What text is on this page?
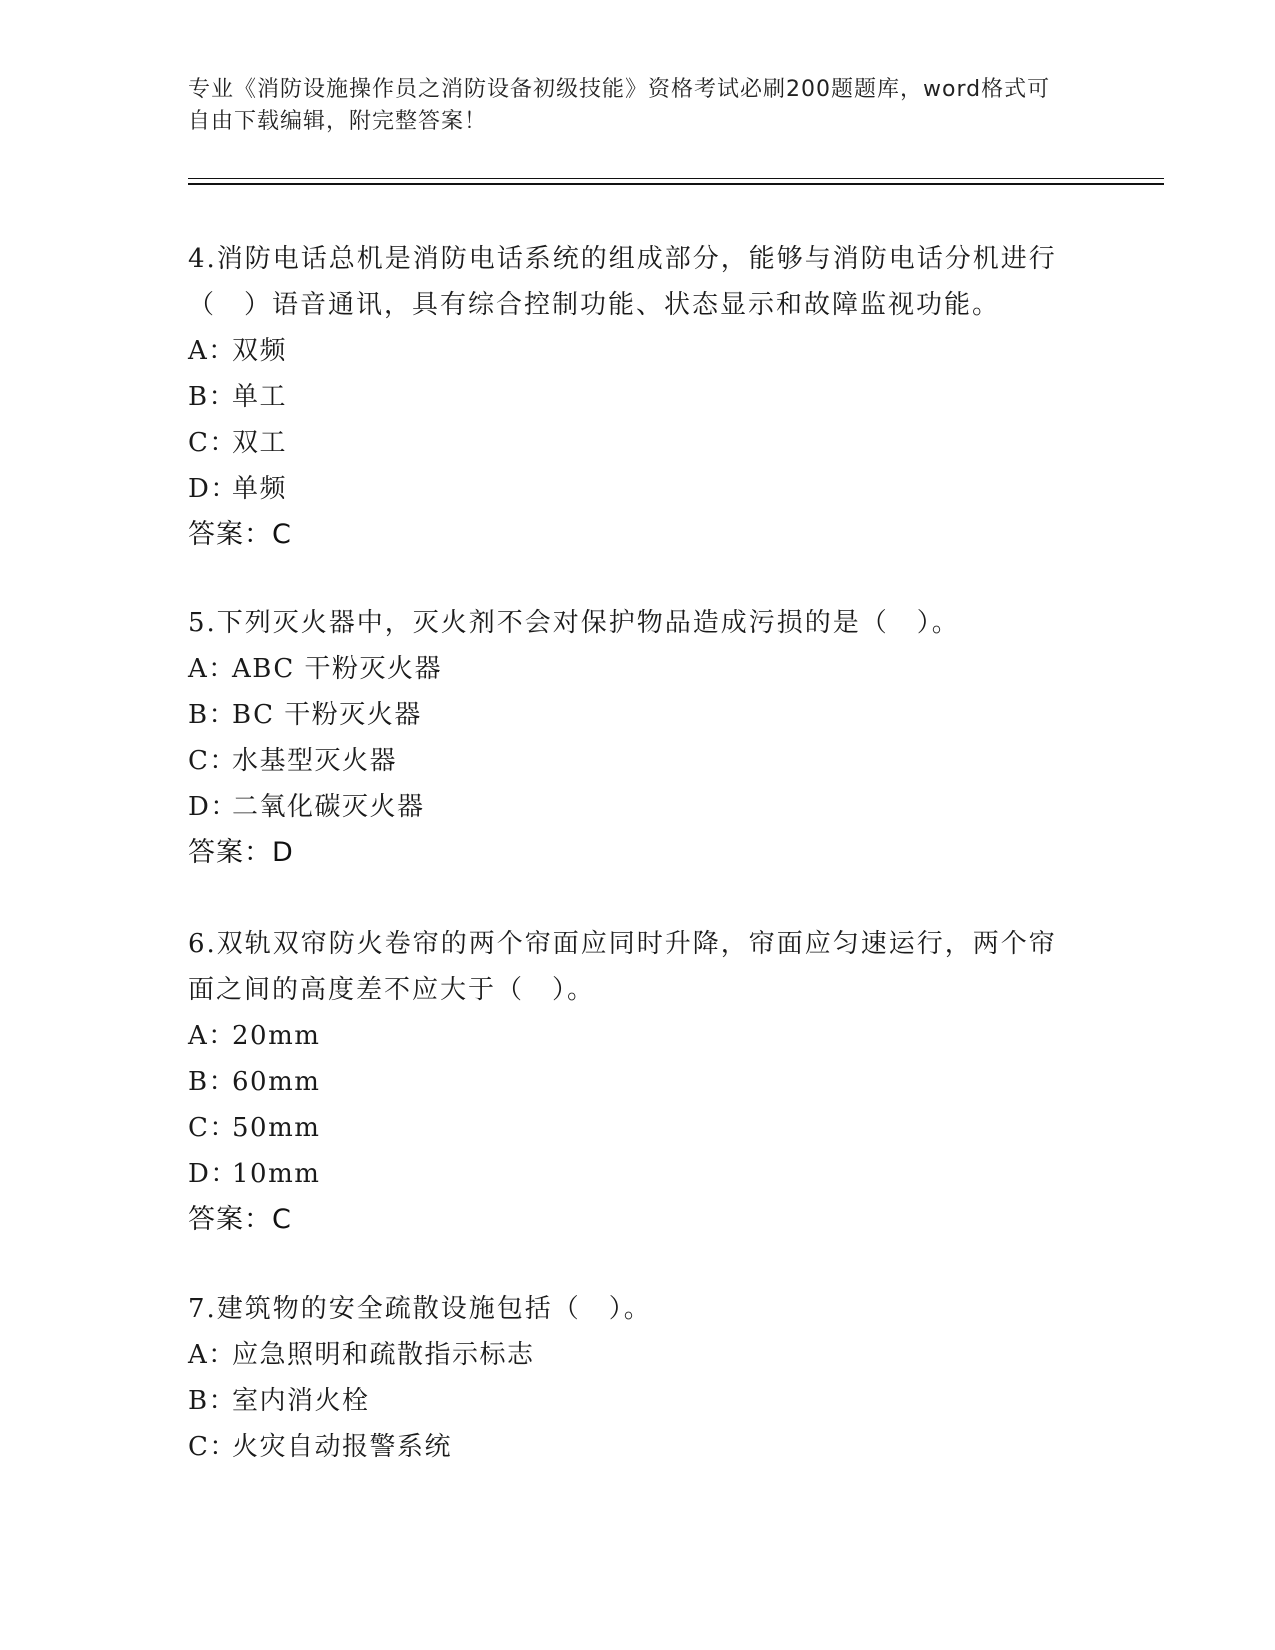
专业《消防设施操作员之消防设备初级技能》资格考试必刷200题题库，word格式可自由下载编辑，附完整答案！

4.消防电话总机是消防电话系统的组成部分，能够与消防电话分机进行（　）语音通讯，具有综合控制功能、状态显示和故障监视功能。

A：双频

B：单工

C：双工

D：单频

答案：C

5.下列灭火器中，灭火剂不会对保护物品造成污损的是（　）。

A：ABC 干粉灭火器

B：BC 干粉灭火器

C：水基型灭火器

D：二氧化碳灭火器

答案：D

6.双轨双帘防火卷帘的两个帘面应同时升降，帘面应匀速运行，两个帘面之间的高度差不应大于（　）。

A：20mm

B：60mm

C：50mm

D：10mm

答案：C

7.建筑物的安全疏散设施包括（　）。

A：应急照明和疏散指示标志

B：室内消火栓

C：火灾自动报警系统
